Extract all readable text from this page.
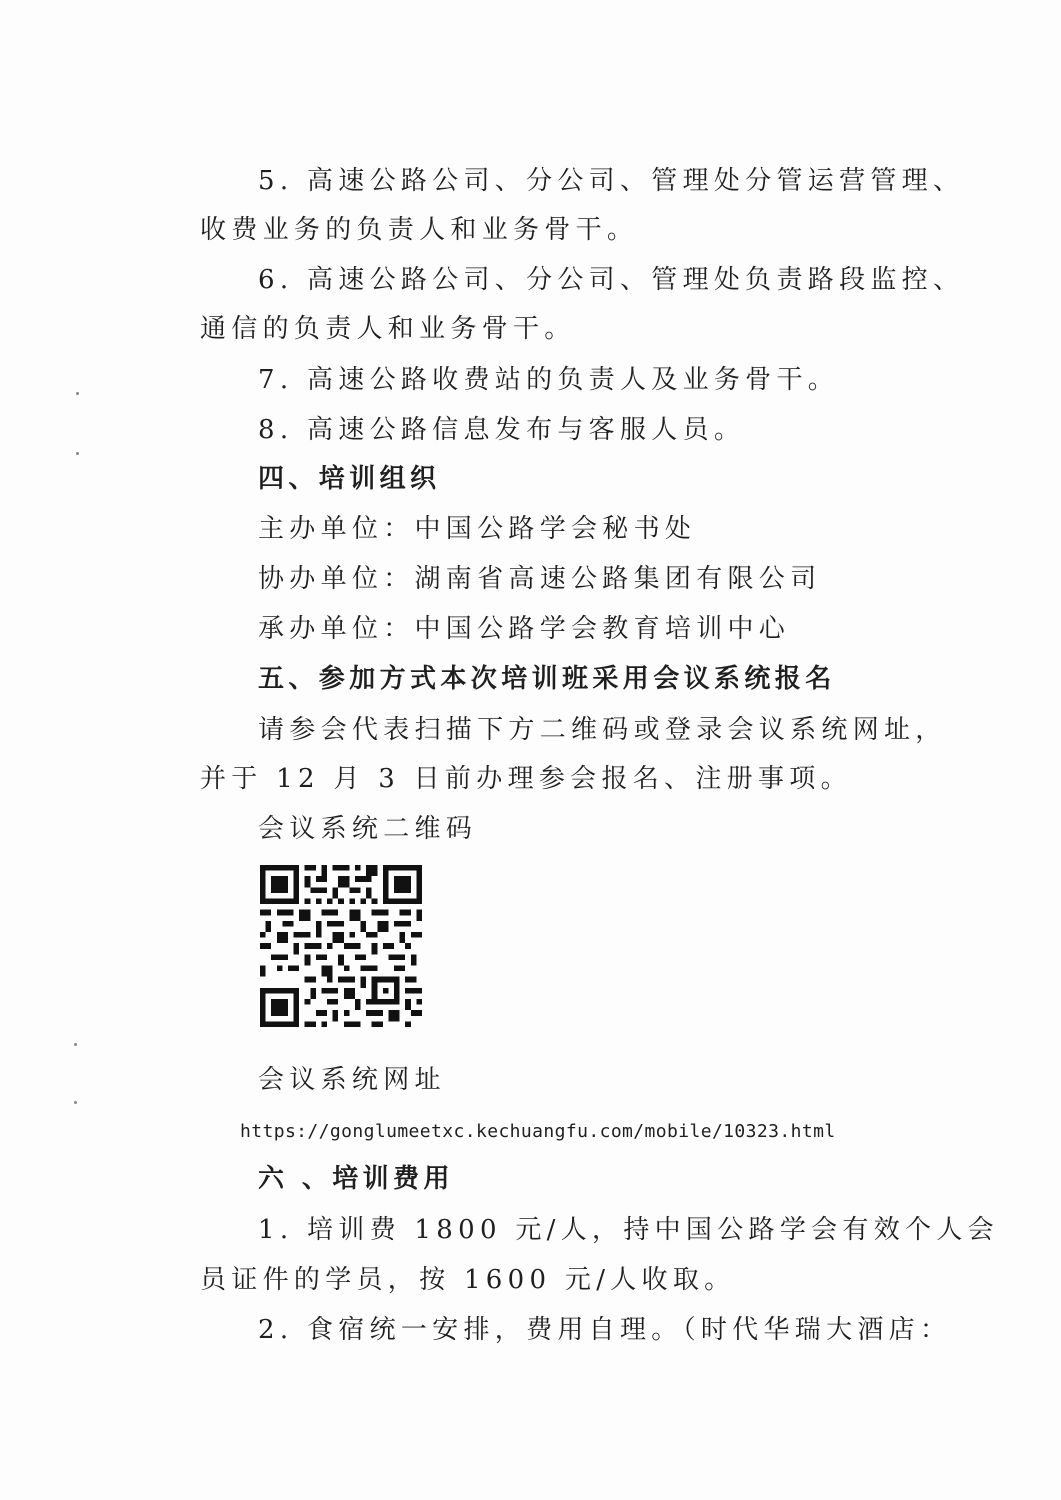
5. 高速公路公司、分公司、管理处分管运营管理、
收费业务的负责人和业务骨干。
6. 高速公路公司、分公司、管理处负责路段监控、
通信的负责人和业务骨干。
7. 高速公路收费站的负责人及业务骨干。
8. 高速公路信息发布与客服人员。
四、培训组织
主办单位：中国公路学会秘书处
协办单位：湖南省高速公路集团有限公司
承办单位：中国公路学会教育培训中心
五、参加方式本次培训班采用会议系统报名
请参会代表扫描下方二维码或登录会议系统网址，
并于 12 月 3 日前办理参会报名、注册事项。
会议系统二维码
会议系统网址
https://gonglumeetxc.kechuangfu.com/mobile/10323.html
六 、培训费用
1. 培训费 1800 元/人，持中国公路学会有效个人会
员证件的学员，按 1600 元/人收取。
2. 食宿统一安排，费用自理。（时代华瑞大酒店：
